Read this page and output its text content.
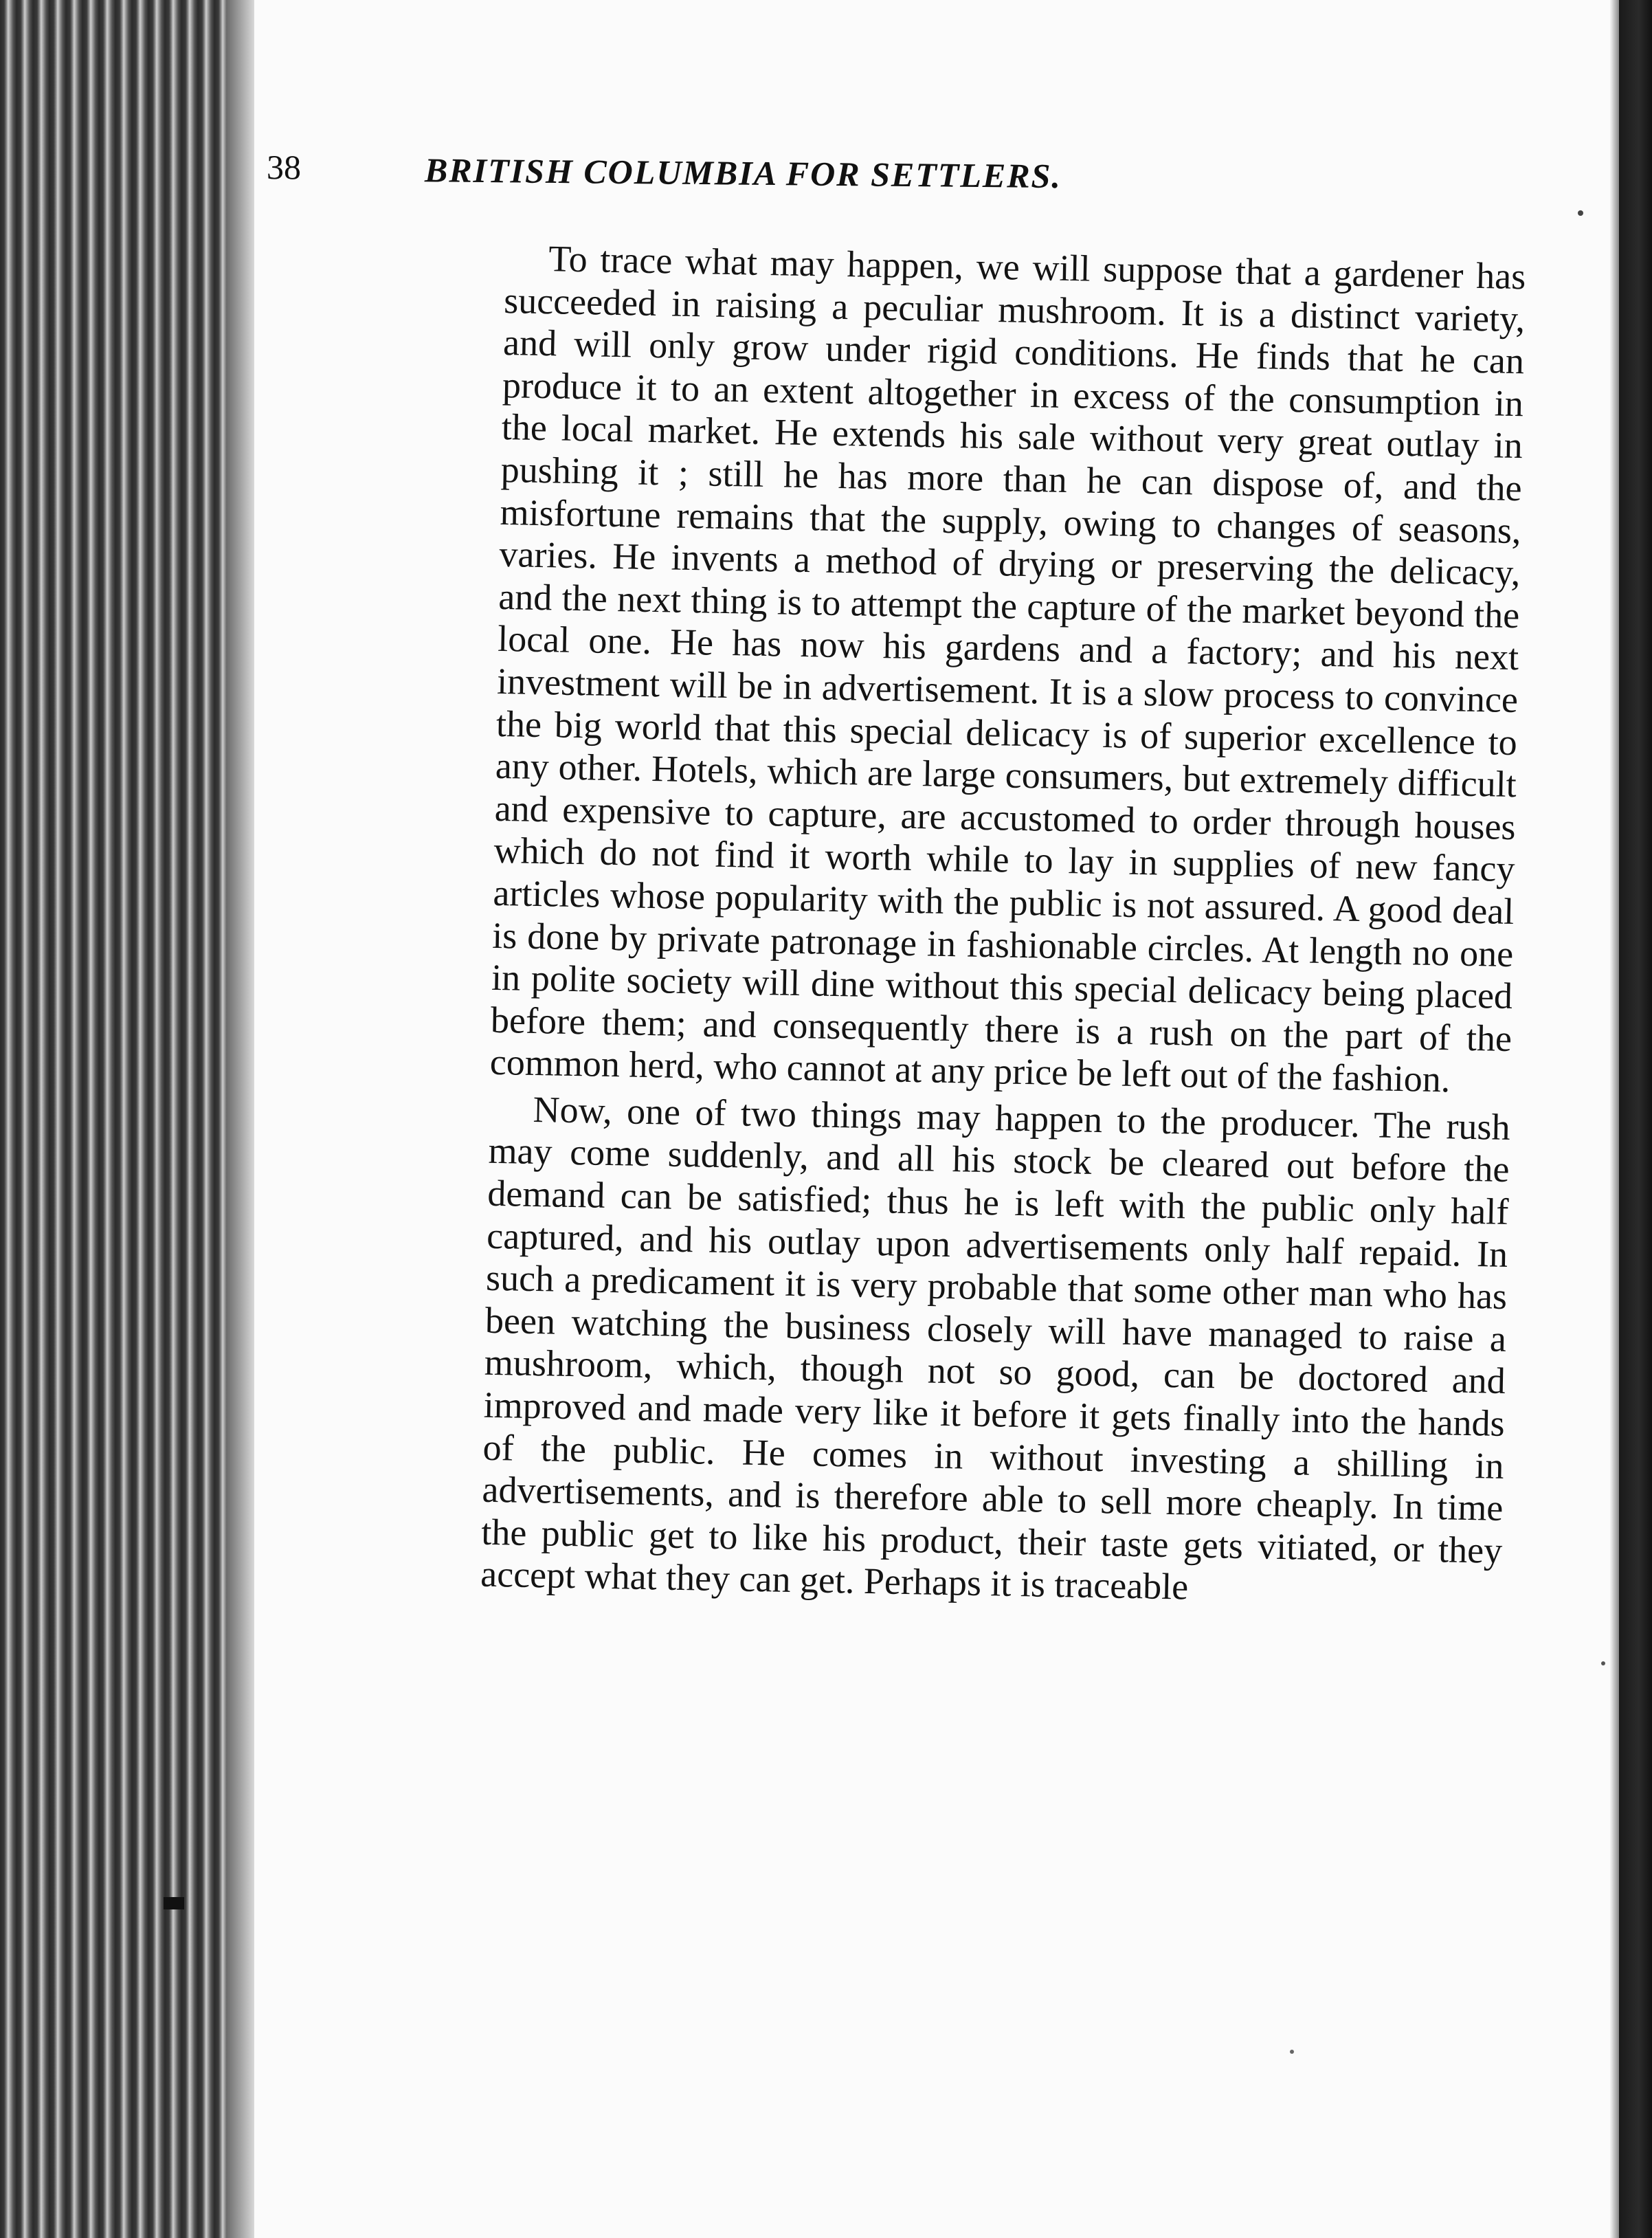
38	BRITISH COLUMBIA FOR SETTLERS.

To trace what may happen, we will suppose that a gardener has succeeded in raising a peculiar mushroom. It is a distinct variety, and will only grow under rigid conditions. He finds that he can produce it to an extent altogether in excess of the consumption in the local market. He extends his sale without very great outlay in pushing it ; still he has more than he can dispose of, and the misfortune remains that the supply, owing to changes of seasons, varies. He invents a method of drying or preserving the delicacy, and the next thing is to attempt the capture of the market beyond the local one. He has now his gardens and a factory; and his next investment will be in advertisement. It is a slow process to convince the big world that this special delicacy is of superior excellence to any other. Hotels, which are large consumers, but extremely difficult and expensive to capture, are accustomed to order through houses which do not find it worth while to lay in supplies of new fancy articles whose popularity with the public is not assured. A good deal is done by private patronage in fashionable circles. At length no one in polite society will dine without this special delicacy being placed before them; and consequently there is a rush on the part of the common herd, who cannot at any price be left out of the fashion.

Now, one of two things may happen to the producer. The rush may come suddenly, and all his stock be cleared out before the demand can be satisfied; thus he is left with the public only half captured, and his outlay upon advertisements only half repaid. In such a predicament it is very probable that some other man who has been watching the business closely will have managed to raise a mushroom, which, though not so good, can be doctored and improved and made very like it before it gets finally into the hands of the public. He comes in without investing a shilling in advertisements, and is therefore able to sell more cheaply. In time the public get to like his product, their taste gets vitiated, or they accept what they can get. Perhaps it is traceable
